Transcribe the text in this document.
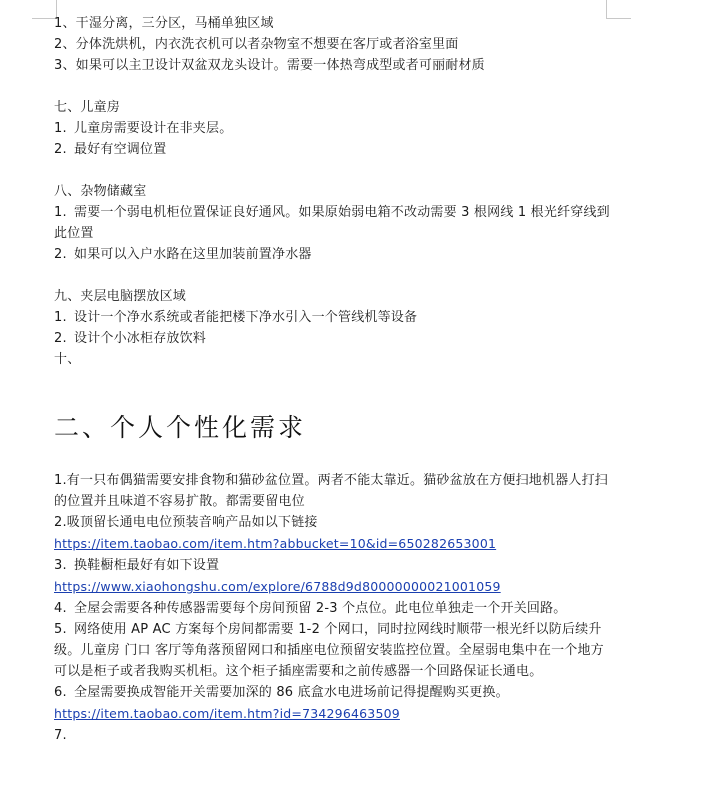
1、干湿分离，三分区，马桶单独区域
2、分体洗烘机，内衣洗衣机可以者杂物室不想要在客厅或者浴室里面
3、如果可以主卫设计双盆双龙头设计。需要一体热弯成型或者可丽耐材质
七、儿童房
1. 儿童房需要设计在非夹层。
2. 最好有空调位置
八、杂物储藏室
1. 需要一个弱电机柜位置保证良好通风。如果原始弱电箱不改动需要 3 根网线 1 根光纤穿线到此位置
2. 如果可以入户水路在这里加装前置净水器
九、夹层电脑摆放区域
1. 设计一个净水系统或者能把楼下净水引入一个管线机等设备
2. 设计个小冰柜存放饮料
十、
二、个人个性化需求
1.有一只布偶猫需要安排食物和猫砂盆位置。两者不能太靠近。猫砂盆放在方便扫地机器人打扫的位置并且味道不容易扩散。都需要留电位
2.吸顶留长通电电位预装音响产品如以下链接
https://item.taobao.com/item.htm?abbucket=10&id=650282653001
3. 换鞋橱柜最好有如下设置
https://www.xiaohongshu.com/explore/6788d9d80000000021001059
4. 全屋会需要各种传感器需要每个房间预留 2-3 个点位。此电位单独走一个开关回路。
5. 网络使用 AP AC 方案每个房间都需要 1-2 个网口，同时拉网线时顺带一根光纤以防后续升级。儿童房 门口 客厅等角落预留网口和插座电位预留安装监控位置。全屋弱电集中在一个地方可以是柜子或者我购买机柜。这个柜子插座需要和之前传感器一个回路保证长通电。
6. 全屋需要换成智能开关需要加深的 86 底盒水电进场前记得提醒购买更换。
https://item.taobao.com/item.htm?id=734296463509
7.
